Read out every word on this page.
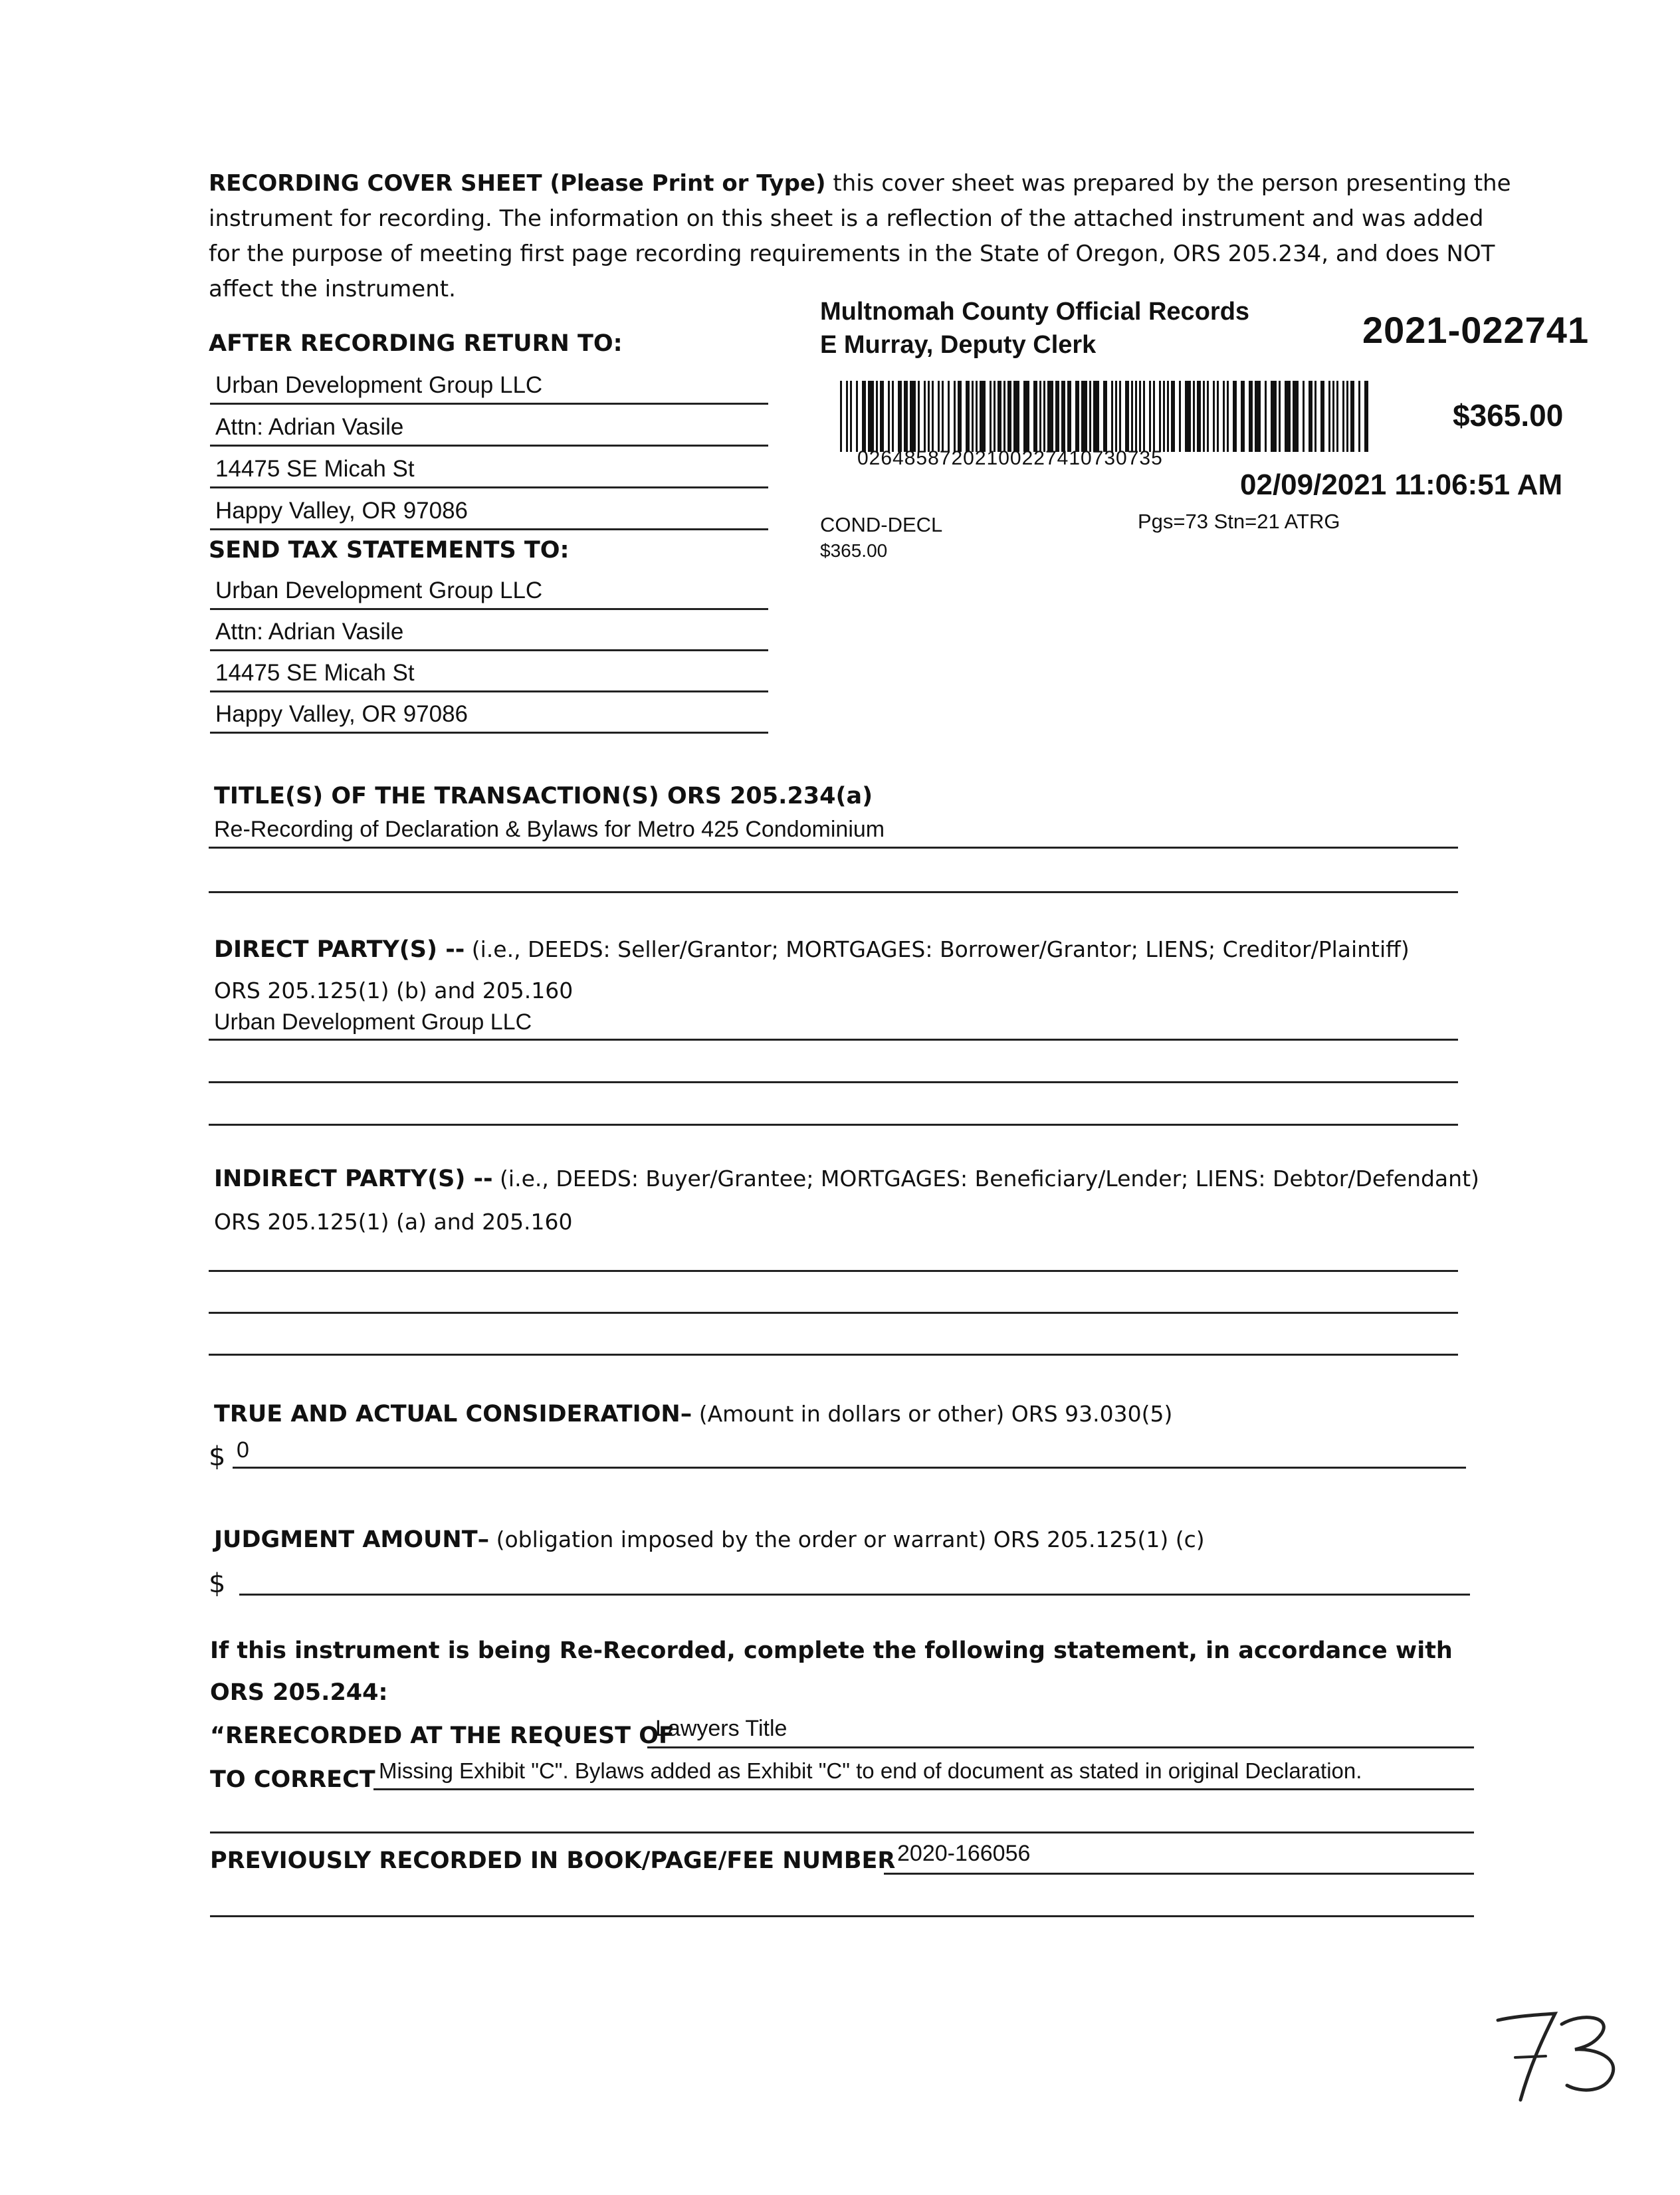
RECORDING COVER SHEET (Please Print or Type) this cover sheet was prepared by the person presenting the instrument for recording. The information on this sheet is a reflection of the attached instrument and was added for the purpose of meeting first page recording requirements in the State of Oregon, ORS 205.234, and does NOT affect the instrument.
AFTER RECORDING RETURN TO:
Urban Development Group LLC
Attn: Adrian Vasile
14475 SE Micah St
Happy Valley, OR 97086
SEND TAX STATEMENTS TO:
Urban Development Group LLC
Attn: Adrian Vasile
14475 SE Micah St
Happy Valley, OR 97086
Multnomah County Official Records
E Murray, Deputy Clerk	2021-022741
$365.00
02648587202100227410730735
02/09/2021 11:06:51 AM
COND-DECL	Pgs=73 Stn=21 ATRG
$365.00
TITLE(S) OF THE TRANSACTION(S) ORS 205.234(a)
Re-Recording of Declaration & Bylaws for Metro 425 Condominium
DIRECT PARTY(S) -- (i.e., DEEDS: Seller/Grantor; MORTGAGES: Borrower/Grantor; LIENS; Creditor/Plaintiff)
ORS 205.125(1) (b) and 205.160
Urban Development Group LLC
INDIRECT PARTY(S) -- (i.e., DEEDS: Buyer/Grantee; MORTGAGES: Beneficiary/Lender; LIENS: Debtor/Defendant)
ORS 205.125(1) (a) and 205.160
TRUE AND ACTUAL CONSIDERATION– (Amount in dollars or other) ORS 93.030(5)
$ 0
JUDGMENT AMOUNT– (obligation imposed by the order or warrant) ORS 205.125(1) (c)
$
If this instrument is being Re-Recorded, complete the following statement, in accordance with
ORS 205.244:
“RERECORDED AT THE REQUEST OF
Lawyers Title
TO CORRECT Missing Exhibit "C". Bylaws added as Exhibit "C" to end of document as stated in original Declaration.
PREVIOUSLY RECORDED IN BOOK/PAGE/FEE NUMBER 2020-166056
